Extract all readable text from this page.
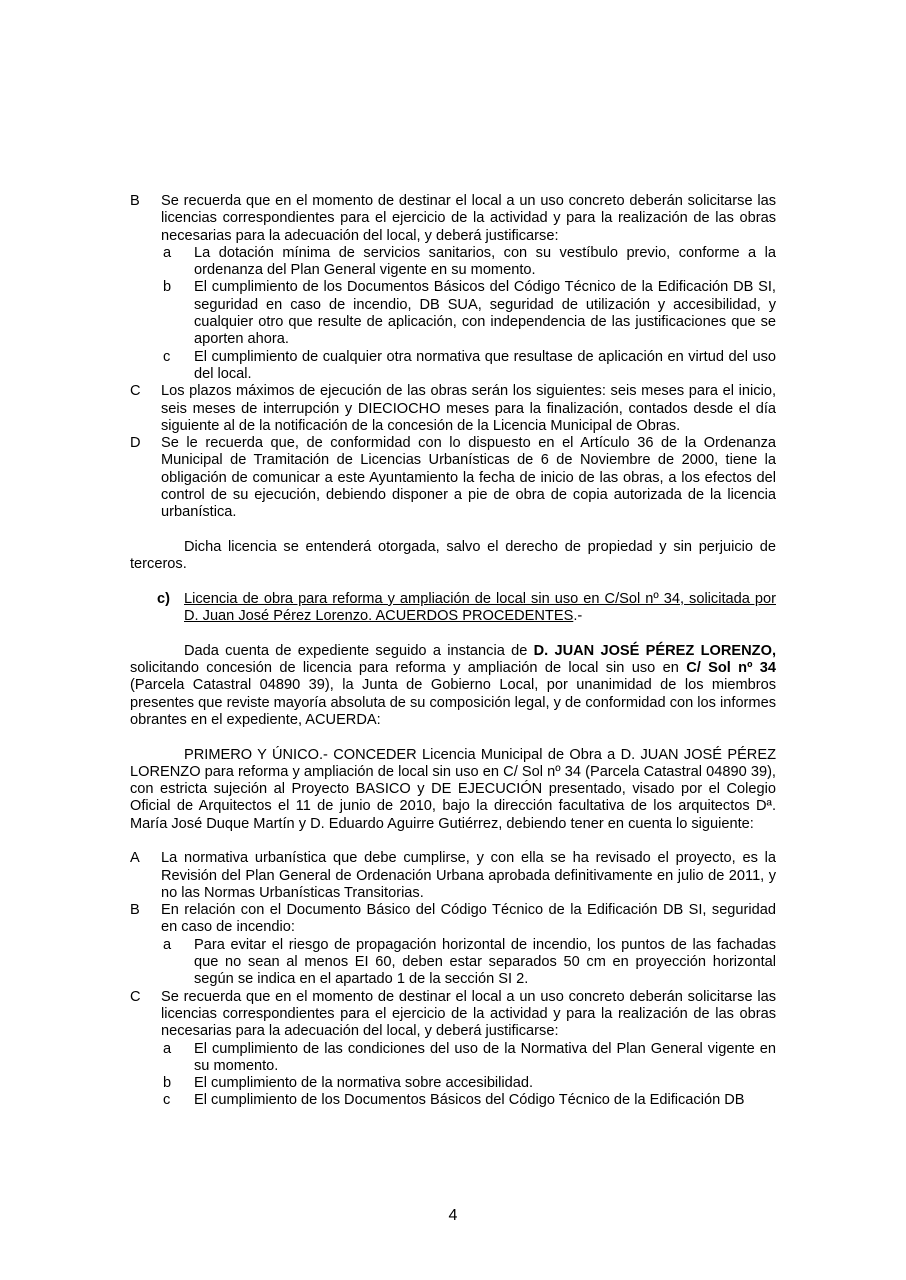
B	Se recuerda que en el momento de destinar el local a un uso concreto deberán solicitarse las licencias correspondientes para el ejercicio de la actividad y para la realización de las obras necesarias para la adecuación del local, y deberá justificarse:
a	La dotación mínima de servicios sanitarios, con su vestíbulo previo, conforme a la ordenanza del Plan General vigente en su momento.
b	El cumplimiento de los Documentos Básicos del Código Técnico de la Edificación DB SI, seguridad en caso de incendio, DB SUA, seguridad de utilización y accesibilidad, y cualquier otro que resulte de aplicación, con independencia de las justificaciones que se aporten ahora.
c	El cumplimiento de cualquier otra normativa que resultase de aplicación en virtud del uso del local.
C	Los plazos máximos de ejecución de las obras serán los siguientes: seis meses para el inicio, seis meses de interrupción y DIECIOCHO meses para la finalización, contados desde el día siguiente al de la notificación de la concesión de la Licencia Municipal de Obras.
D	Se le recuerda que, de conformidad con lo dispuesto en el Artículo 36 de la Ordenanza Municipal de Tramitación de Licencias Urbanísticas de 6 de Noviembre de 2000, tiene la obligación de comunicar a este Ayuntamiento la fecha de inicio de las obras, a los efectos del control de su ejecución, debiendo disponer a pie de obra de copia autorizada de la licencia urbanística.

Dicha licencia se entenderá otorgada, salvo el derecho de propiedad y sin perjuicio de terceros.

c) Licencia de obra para reforma y ampliación de local sin uso en C/Sol nº 34, solicitada por D. Juan José Pérez Lorenzo. ACUERDOS PROCEDENTES.-

Dada cuenta de expediente seguido a instancia de D. JUAN JOSÉ PÉREZ LORENZO, solicitando concesión de licencia para reforma y ampliación de local sin uso en C/ Sol nº 34 (Parcela Catastral 04890 39), la Junta de Gobierno Local, por unanimidad de los miembros presentes que reviste mayoría absoluta de su composición legal, y de conformidad con los informes obrantes en el expediente, ACUERDA:

PRIMERO Y ÚNICO.- CONCEDER Licencia Municipal de Obra a D. JUAN JOSÉ PÉREZ LORENZO para reforma y ampliación de local sin uso en C/ Sol nº 34 (Parcela Catastral 04890 39), con estricta sujeción al Proyecto BASICO y DE EJECUCIÓN presentado, visado por el Colegio Oficial de Arquitectos el 11 de junio de 2010, bajo la dirección facultativa de los arquitectos Dª. María José Duque Martín y D. Eduardo Aguirre Gutiérrez, debiendo tener en cuenta lo siguiente:

A	La normativa urbanística que debe cumplirse, y con ella se ha revisado el proyecto, es la Revisión del Plan General de Ordenación Urbana aprobada definitivamente en julio de 2011, y no las Normas Urbanísticas Transitorias.
B	En relación con el Documento Básico del Código Técnico de la Edificación DB SI, seguridad en caso de incendio:
a	Para evitar el riesgo de propagación horizontal de incendio, los puntos de las fachadas que no sean al menos EI 60, deben estar separados 50 cm en proyección horizontal según se indica en el apartado 1 de la sección SI 2.
C	Se recuerda que en el momento de destinar el local a un uso concreto deberán solicitarse las licencias correspondientes para el ejercicio de la actividad y para la realización de las obras necesarias para la adecuación del local, y deberá justificarse:
a	El cumplimiento de las condiciones del uso de la Normativa del Plan General vigente en su momento.
b	El cumplimiento de la normativa sobre accesibilidad.
c	El cumplimiento de los Documentos Básicos del Código Técnico de la Edificación DB
4
